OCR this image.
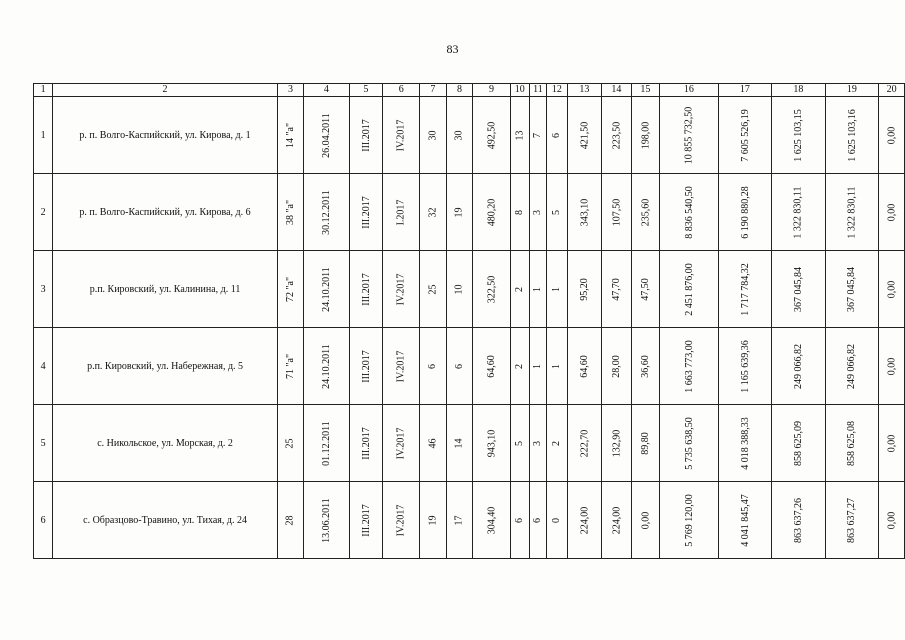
83
1	2	3	4	5	6	7	8	9	10	11	12	13	14	15	16	17	18	19	20
1	р. п. Волго-Каспийский, ул. Кирова, д. 1	14 "а"	26.04.2011	III.2017	IV.2017	30	30	492,50	13	7	6	421,50	223,50	198,00	10 855 732,50	7 605 526,19	1 625 103,15	1 625 103,16	0,00
2	р. п. Волго-Каспийский, ул. Кирова, д. 6	38 "а"	30.12.2011	III.2017	I.2017	32	19	480,20	8	3	5	343,10	107,50	235,60	8 836 540,50	6 190 880,28	1 322 830,11	1 322 830,11	0,00
3	р.п. Кировский, ул. Калинина, д. 11	72 "а"	24.10.2011	III.2017	IV.2017	25	10	322,50	2	1	1	95,20	47,70	47,50	2 451 876,00	1 717 784,32	367 045,84	367 045,84	0,00
4	р.п. Кировский, ул. Набережная, д. 5	71 "а"	24.10.2011	III.2017	IV.2017	6	6	64,60	2	1	1	64,60	28,00	36,60	1 663 773,00	1 165 639,36	249 066,82	249 066,82	0,00
5	с. Никольское, ул. Морская, д. 2	25	01.12.2011	III.2017	IV.2017	46	14	943,10	5	3	2	222,70	132,90	89,80	5 735 638,50	4 018 388,33	858 625,09	858 625,08	0,00
6	с. Образцово-Травино, ул. Тихая, д. 24	28	13.06.2011	III.2017	IV.2017	19	17	304,40	6	6	0	224,00	224,00	0,00	5 769 120,00	4 041 845,47	863 637,26	863 637,27	0,00
